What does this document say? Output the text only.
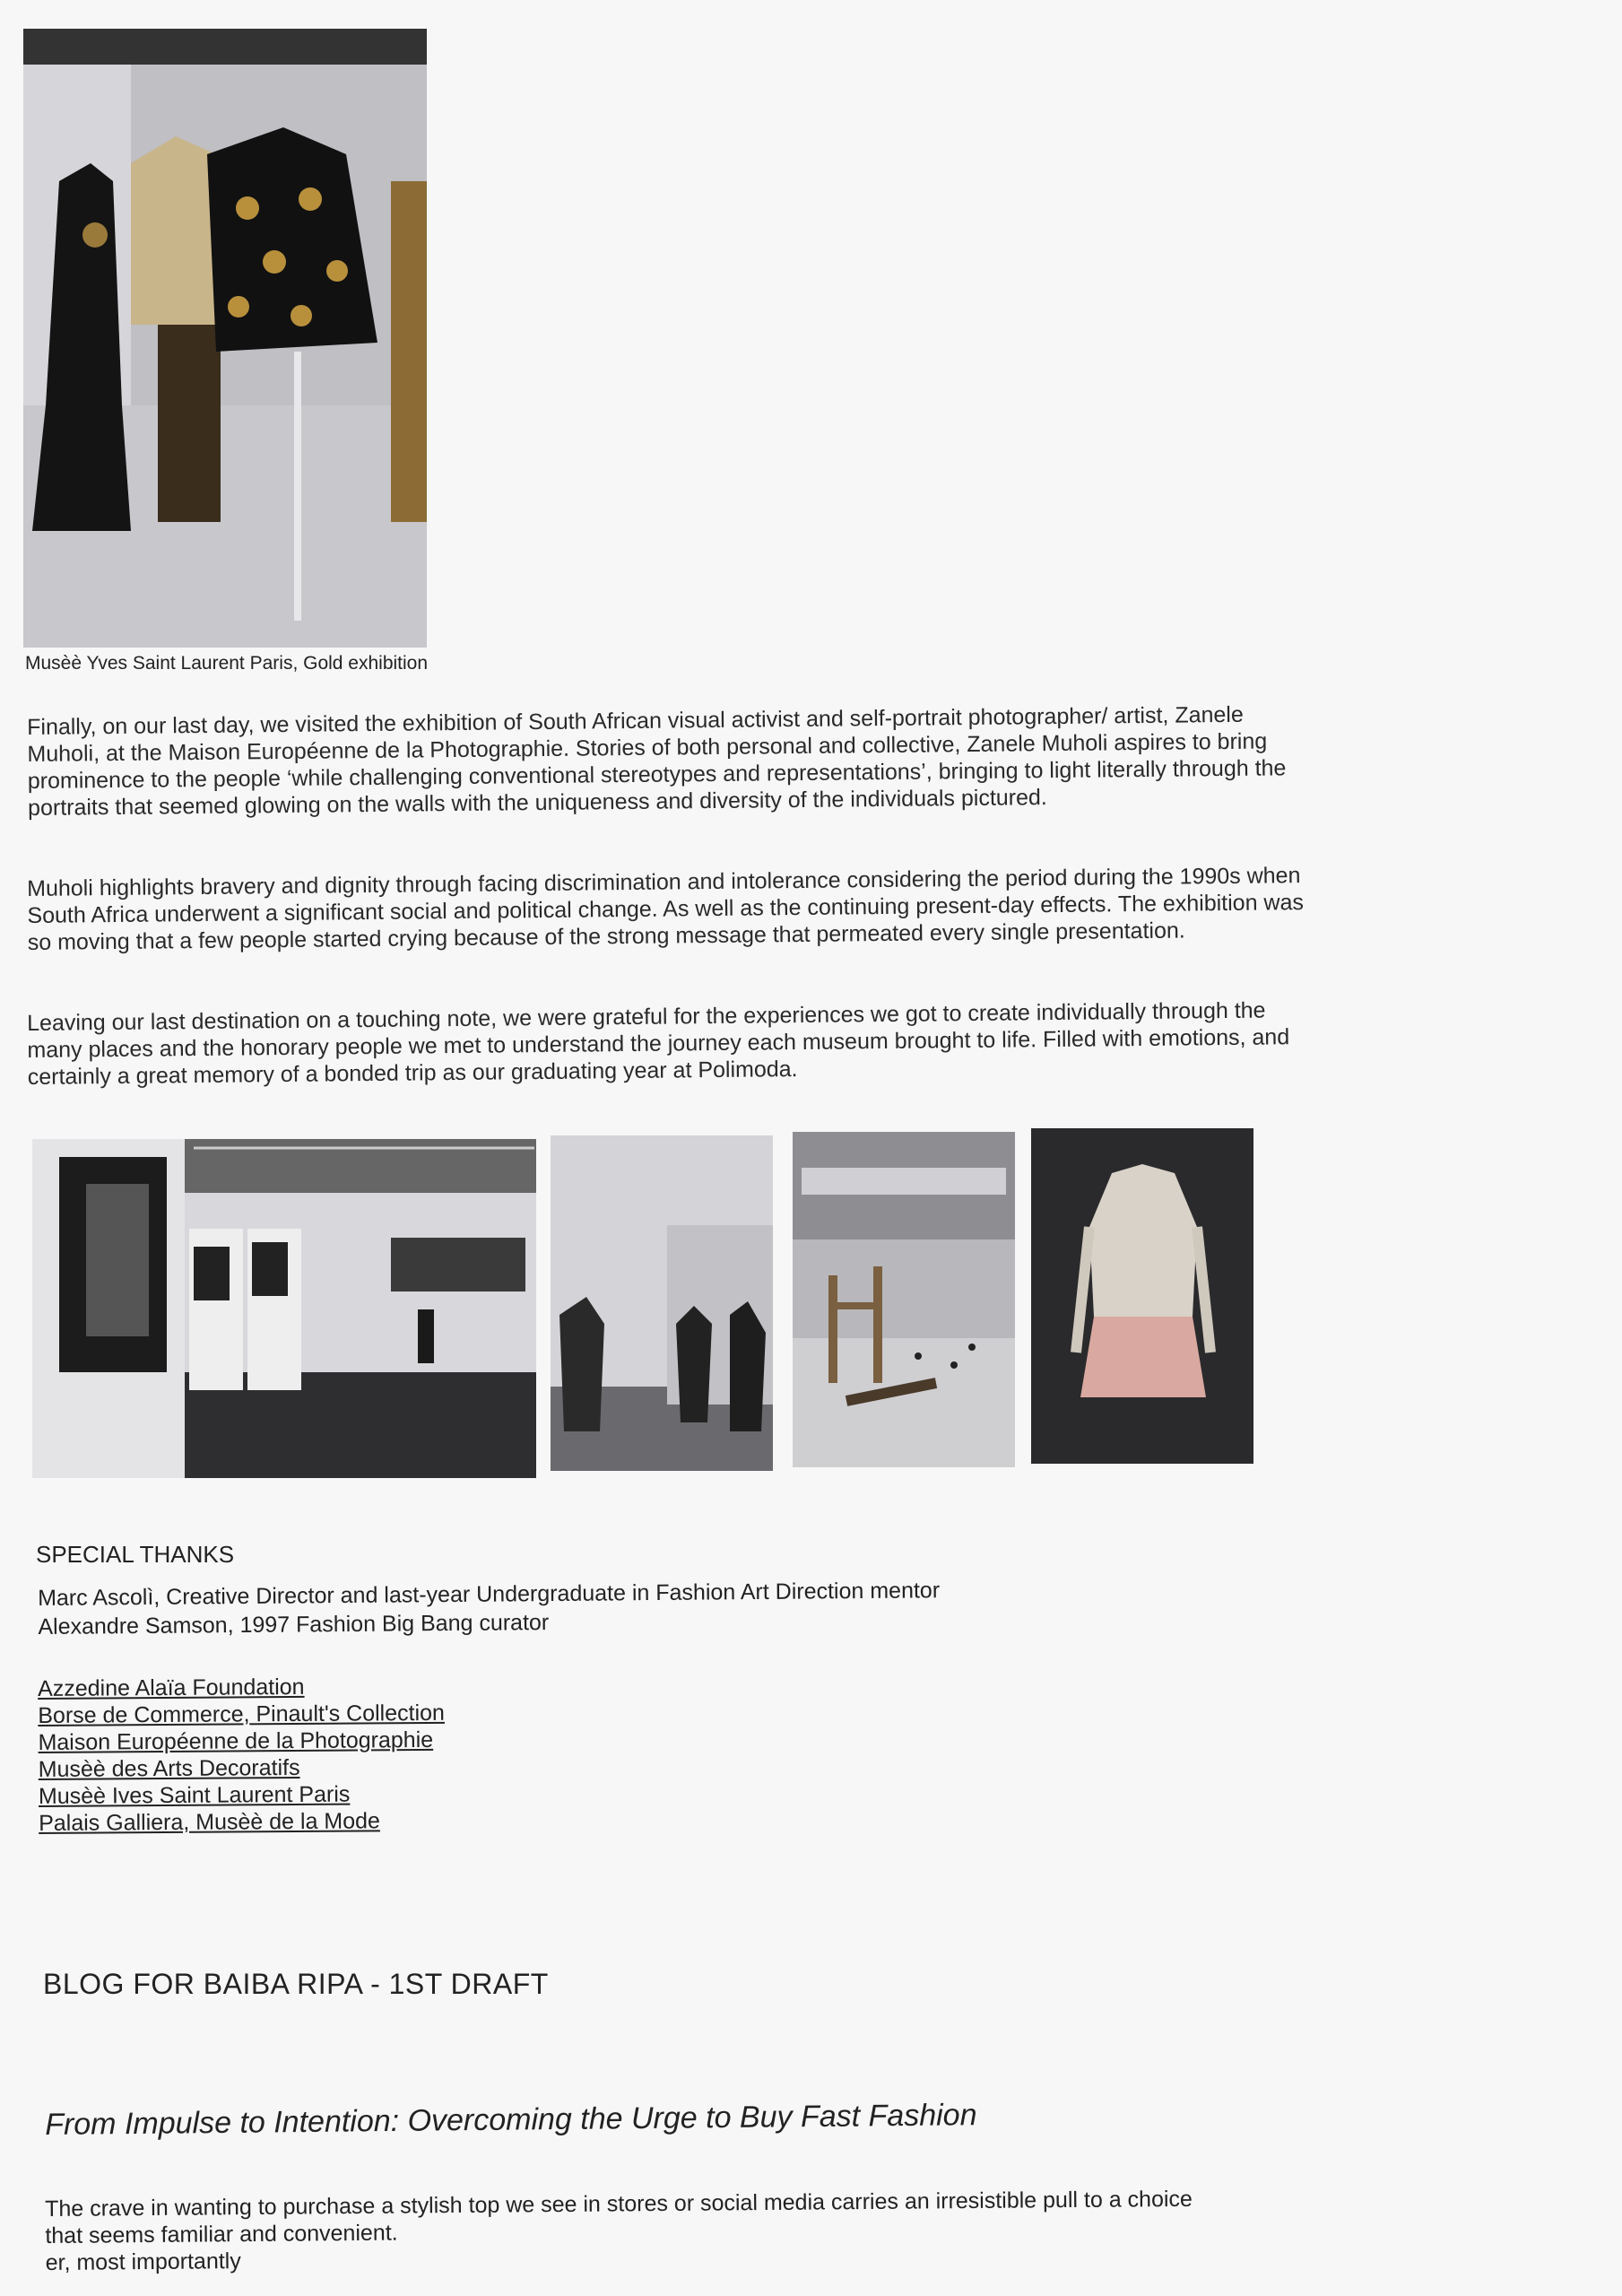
Musèè Yves Saint Laurent Paris, Gold exhibition

Finally, on our last day, we visited the exhibition of South African visual activist and self-portrait photographer/ artist, Zanele Muholi, at the Maison Européenne de la Photographie. Stories of both personal and collective, Zanele Muholi aspires to bring prominence to the people ‘while challenging conventional stereotypes and representations’, bringing to light literally through the portraits that seemed glowing on the walls with the uniqueness and diversity of the individuals pictured.

Muholi highlights bravery and dignity through facing discrimination and intolerance considering the period during the 1990s when South Africa underwent a significant social and political change. As well as the continuing present-day effects. The exhibition was so moving that a few people started crying because of the strong message that permeated every single presentation.

Leaving our last destination on a touching note, we were grateful for the experiences we got to create individually through the many places and the honorary people we met to understand the journey each museum brought to life. Filled with emotions, and certainly a great memory of a bonded trip as our graduating year at Polimoda.

SPECIAL THANKS
Marc Ascolì, Creative Director and last-year Undergraduate in Fashion Art Direction mentor
Alexandre Samson, 1997 Fashion Big Bang curator
Azzedine Alaïa Foundation
Borse de Commerce, Pinault's Collection
Maison Européenne de la Photographie
Musèè des Arts Decoratifs
Musèè Ives Saint Laurent Paris
Palais Galliera, Musèè de la Mode
BLOG FOR BAIBA RIPA - 1ST DRAFT
From Impulse to Intention: Overcoming the Urge to Buy Fast Fashion
The crave in wanting to purchase a stylish top we see in stores or social media carries an irresistible pull to a choice
that seems familiar and convenient.
er, most importantly
